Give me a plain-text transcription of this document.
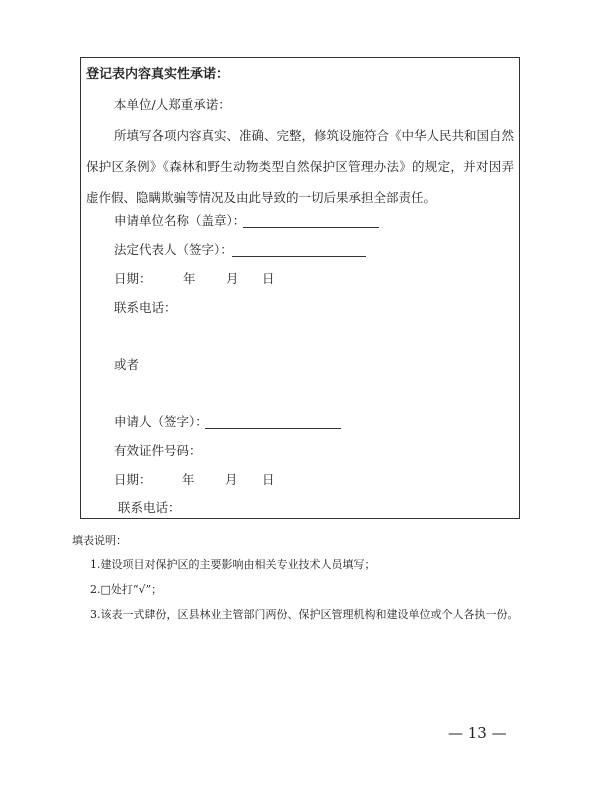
登记表内容真实性承诺：
本单位/人郑重承诺：
所填写各项内容真实、准确、完整，修筑设施符合《中华人民共和国自然保护区条例》《森林和野生动物类型自然保护区管理办法》的规定，并对因弄虚作假、隐瞒欺骗等情况及由此导致的一切后果承担全部责任。
申请单位名称（盖章）：
法定代表人（签字）：
日期：	年 月 日
联系电话：
或者
申请人（签字）：
有效证件号码：
日期： 年 月 日
联系电话：
填表说明：
1.建设项目对保护区的主要影响由相关专业技术人员填写；
2.□处打“√”；
3.该表一式肆份，区县林业主管部门两份、保护区管理机构和建设单位或个人各执一份。
— 13 —
